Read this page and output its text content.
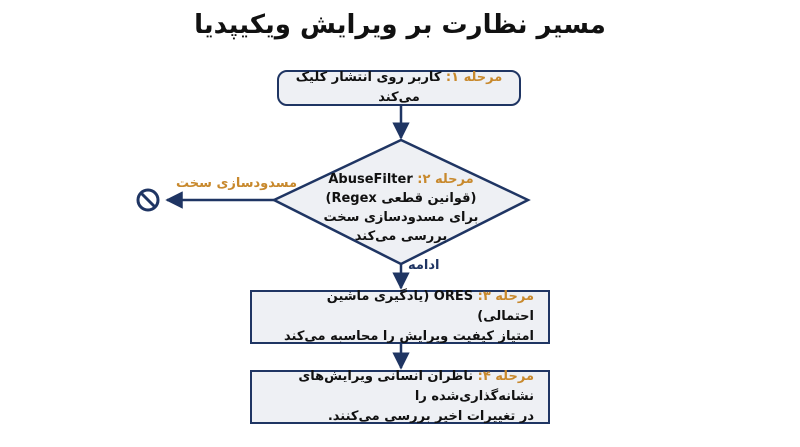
مسیر نظارت بر ویرایش ویکیپدیا
مرحله ۱: کاربر روی انتشار کلیک می‌کند
مرحله ۲: AbuseFilter
(قوانین قطعی Regex)
برای مسدودسازی سخت
بررسی می‌کند
مسدودسازی سخت
ادامه
مرحله ۳: ORES (یادگیری ماشین احتمالی)
امتیاز کیفیت ویرایش را محاسبه می‌کند
مرحله ۴: ناظران انسانی ویرایش‌های نشانه‌گذاری‌شده را
در تغییرات اخیر بررسی می‌کنند.
